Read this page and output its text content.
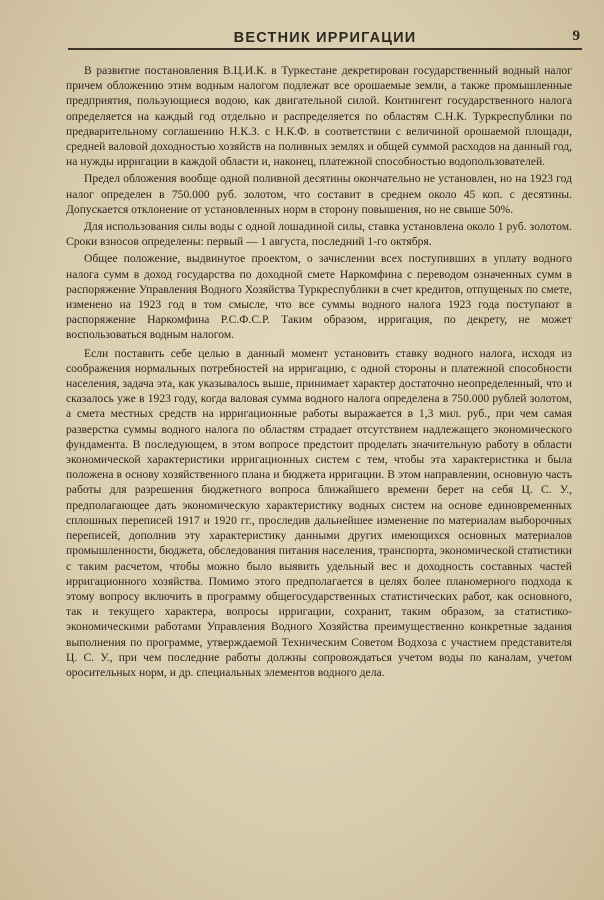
ВЕСТНИК ИРРИГАЦИИ	9

В развитие постановления В.Ц.И.К. в Туркестане декретирован государственный водный налог причем обложению этим водным налогом подлежат все орошаемые земли, а также промышленные предприятия, пользующиеся водою, как двигательной силой. Контингент государственного налога определяется на каждый год отдельно и распределяется по областям С.Н.К. Туркреспублики по предварительному соглашению Н.К.З. с Н.К.Ф. в соответствии с величиной орошаемой площади, средней валовой доходностью хозяйств на поливных землях и общей суммой расходов на данный год, на нужды ирригации в каждой области и, наконец, платежной способностью водопользователей.

Предел обложения вообще одной поливной десятины окончательно не установлен, но на 1923 год налог определен в 750.000 руб. золотом, что составит в среднем около 45 коп. с десятины. Допускается отклонение от установленных норм в сторону повышения, но не свыше 50%.

Для использования силы воды с одной лошадиной силы, ставка установлена около 1 руб. золотом. Сроки взносов определены: первый — 1 августа, последний 1-го октября.

Общее положение, выдвинутое проектом, о зачислении всех поступивших в уплату водного налога сумм в доход государства по доходной смете Наркомфина с переводом означенных сумм в распоряжение Управления Водного Хозяйства Туркреспублики в счет кредитов, отпущеных по смете, изменено на 1923 год в том смысле, что все суммы водного налога 1923 года поступают в распоряжение Наркомфина Р.С.Ф.С.Р. Таким образом, ирригация, по декрету, не может воспользоваться водным налогом.

Если поставить себе целью в данный момент установить ставку водного налога, исходя из соображения нормальных потребностей на ирригацию, с одной стороны и платежной способности населения, задача эта, как указывалось выше, принимает характер достаточно неопределенный, что и сказалось уже в 1923 году, когда валовая сумма водного налога определена в 750.000 рублей золотом, а смета местных средств на ирригационные работы выражается в 1,3 мил. руб., при чем самая разверстка суммы водного налога по областям страдает отсутствием надлежащего экономического фундамента. В последующем, в этом вопросе предстоит проделать значительную работу в области экономической характеристики ирригационных систем с тем, чтобы эта характеристика и была положена в основу хозяйственного плана и бюджета ирригации. В этом направлении, основную часть работы для разрешения бюджетного вопроса ближайшего времени берет на себя Ц. С. У., предполагающее дать экономическую характеристику водных систем на основе единовременных сплошных переписей 1917 и 1920 гг., проследив дальнейшее изменение по материалам выборочных переписей, дополнив эту характеристику данными других имеющихся основных материалов промышленности, бюджета, обследования питания населения, транспорта, экономической статистики с таким расчетом, чтобы можно было выявить удельный вес и доходность составных частей ирригационного хозяйства. Помимо этого предполагается в целях более планомерного подхода к этому вопросу включить в программу общегосударственных статистических работ, как основного, так и текущего характера, вопросы ирригации, сохранит, таким образом, за статистико-экономическими работами Управления Водного Хозяйства преимущественно конкретные задания выполнения по программе, утверждаемой Техническим Советом Водхоза с участием представителя Ц. С. У., при чем последние работы должны сопровождаться учетом воды по каналам, учетом оросительных норм, и др. специальных элементов водного дела.
